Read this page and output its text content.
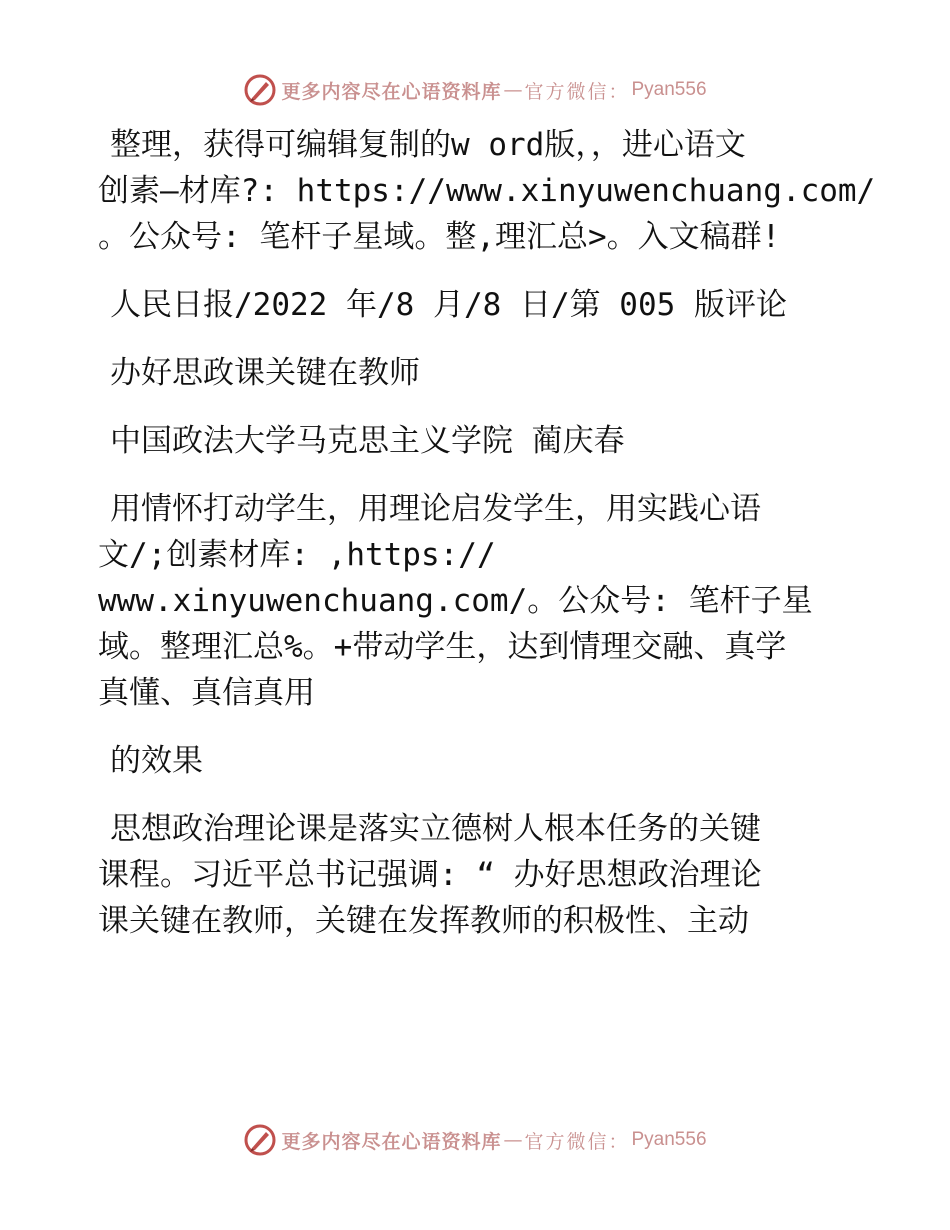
更多内容尽在心语资料库 — 官方微信： Pyan556
整理，获得可编辑复制的w ord版，，进心语文
创素—材库?: https://www.xinyuwenchuang.com/
。公众号: 笔杆子星域。整,理汇总>。入文稿群!
人民日报/2022 年/8 月/8 日/第 005 版评论
办好思政课关键在教师
中国政法大学马克思主义学院 蔺庆春
用情怀打动学生，用理论启发学生，用实践心语
文/;创素材库: ,https://
www.xinyuwenchuang.com/。公众号: 笔杆子星
域。整理汇总%。+带动学生，达到情理交融、真学
真懂、真信真用
的效果
思想政治理论课是落实立德树人根本任务的关键
课程。习近平总书记强调: “ 办好思想政治理论
课关键在教师，关键在发挥教师的积极性、主动
更多内容尽在心语资料库 — 官方微信： Pyan556
